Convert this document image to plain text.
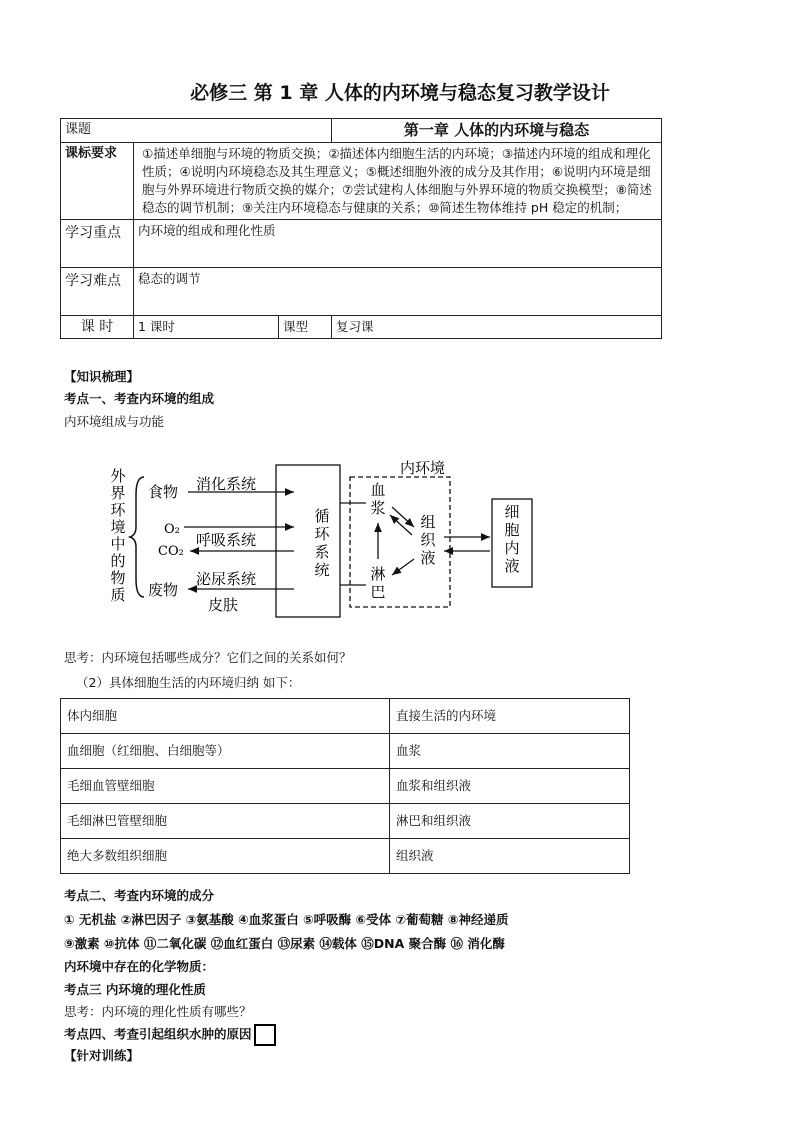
必修三 第 1 章 人体的内环境与稳态复习教学设计
课题			第一章 人体的内环境与稳态
课标要求	①描述单细胞与环境的物质交换；②描述体内细胞生活的内环境；③描述内环境的组成和理化性质；④说明内环境稳态及其生理意义；⑤概述细胞外液的成分及其作用；⑥说明内环境是细胞与外界环境进行物质交换的媒介；⑦尝试建构人体细胞与外界环境的物质交换模型；⑧简述稳态的调节机制；⑨关注内环境稳态与健康的关系；⑩简述生物体维持 pH 稳定的机制；		
学习重点	内环境的组成和理化性质		
学习难点	稳态的调节		
课 时	1 课时	课型	复习课
【知识梳理】
考点一、考查内环境的组成
内环境组成与功能
外界环境中的物质
食物 消化系统
O₂
CO₂
呼吸系统
废物
泌尿系统
皮肤
循环系统
内环境
血浆
淋巴
组织液
细胞内液
思考：内环境包括哪些成分？它们之间的关系如何？
（2）具体细胞生活的内环境归纳 如下：
体内细胞	直接生活的内环境
血细胞（红细胞、白细胞等）	血浆
毛细血管壁细胞	血浆和组织液
毛细淋巴管壁细胞	淋巴和组织液
绝大多数组织细胞	组织液
考点二、考查内环境的成分
① 无机盐 ②淋巴因子 ③氨基酸 ④血浆蛋白 ⑤呼吸酶 ⑥受体 ⑦葡萄糖 ⑧神经递质
⑨激素 ⑩抗体 ⑪二氧化碳 ⑫血红蛋白 ⑬尿素 ⑭载体 ⑮DNA 聚合酶 ⑯ 消化酶
内环境中存在的化学物质：
考点三 内环境的理化性质
思考：内环境的理化性质有哪些？
考点四、考查引起组织水肿的原因
【针对训练】
